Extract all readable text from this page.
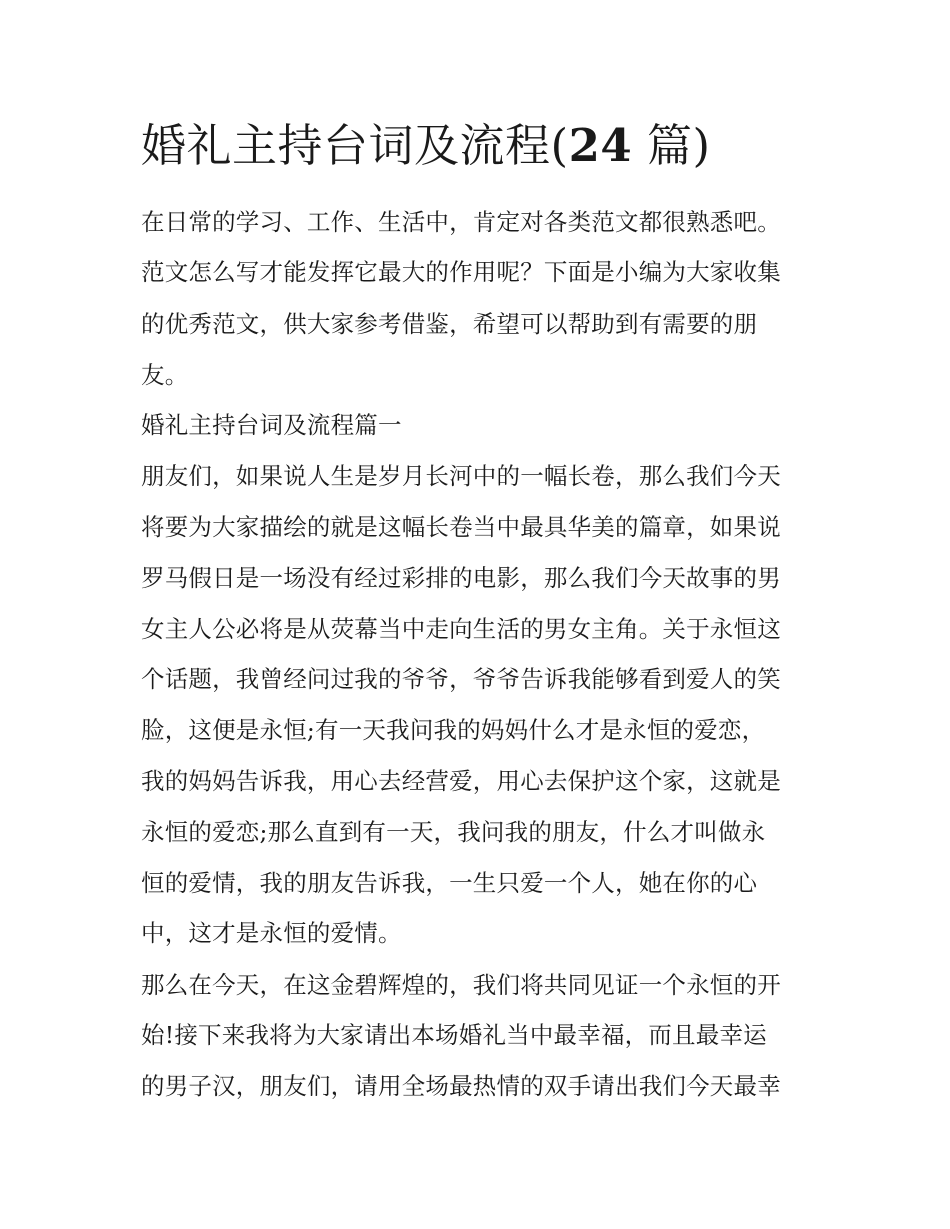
婚礼主持台词及流程(24 篇)
在日常的学习、工作、生活中，肯定对各类范文都很熟悉吧。
范文怎么写才能发挥它最大的作用呢？下面是小编为大家收集
的优秀范文，供大家参考借鉴，希望可以帮助到有需要的朋
友。
婚礼主持台词及流程篇一
朋友们，如果说人生是岁月长河中的一幅长卷，那么我们今天
将要为大家描绘的就是这幅长卷当中最具华美的篇章，如果说
罗马假日是一场没有经过彩排的电影，那么我们今天故事的男
女主人公必将是从荧幕当中走向生活的男女主角。关于永恒这
个话题，我曾经问过我的爷爷，爷爷告诉我能够看到爱人的笑
脸，这便是永恒;有一天我问我的妈妈什么才是永恒的爱恋，
我的妈妈告诉我，用心去经营爱，用心去保护这个家，这就是
永恒的爱恋;那么直到有一天，我问我的朋友，什么才叫做永
恒的爱情，我的朋友告诉我，一生只爱一个人，她在你的心
中，这才是永恒的爱情。
那么在今天，在这金碧辉煌的，我们将共同见证一个永恒的开
始!接下来我将为大家请出本场婚礼当中最幸福，而且最幸运
的男子汉，朋友们，请用全场最热情的双手请出我们今天最幸
